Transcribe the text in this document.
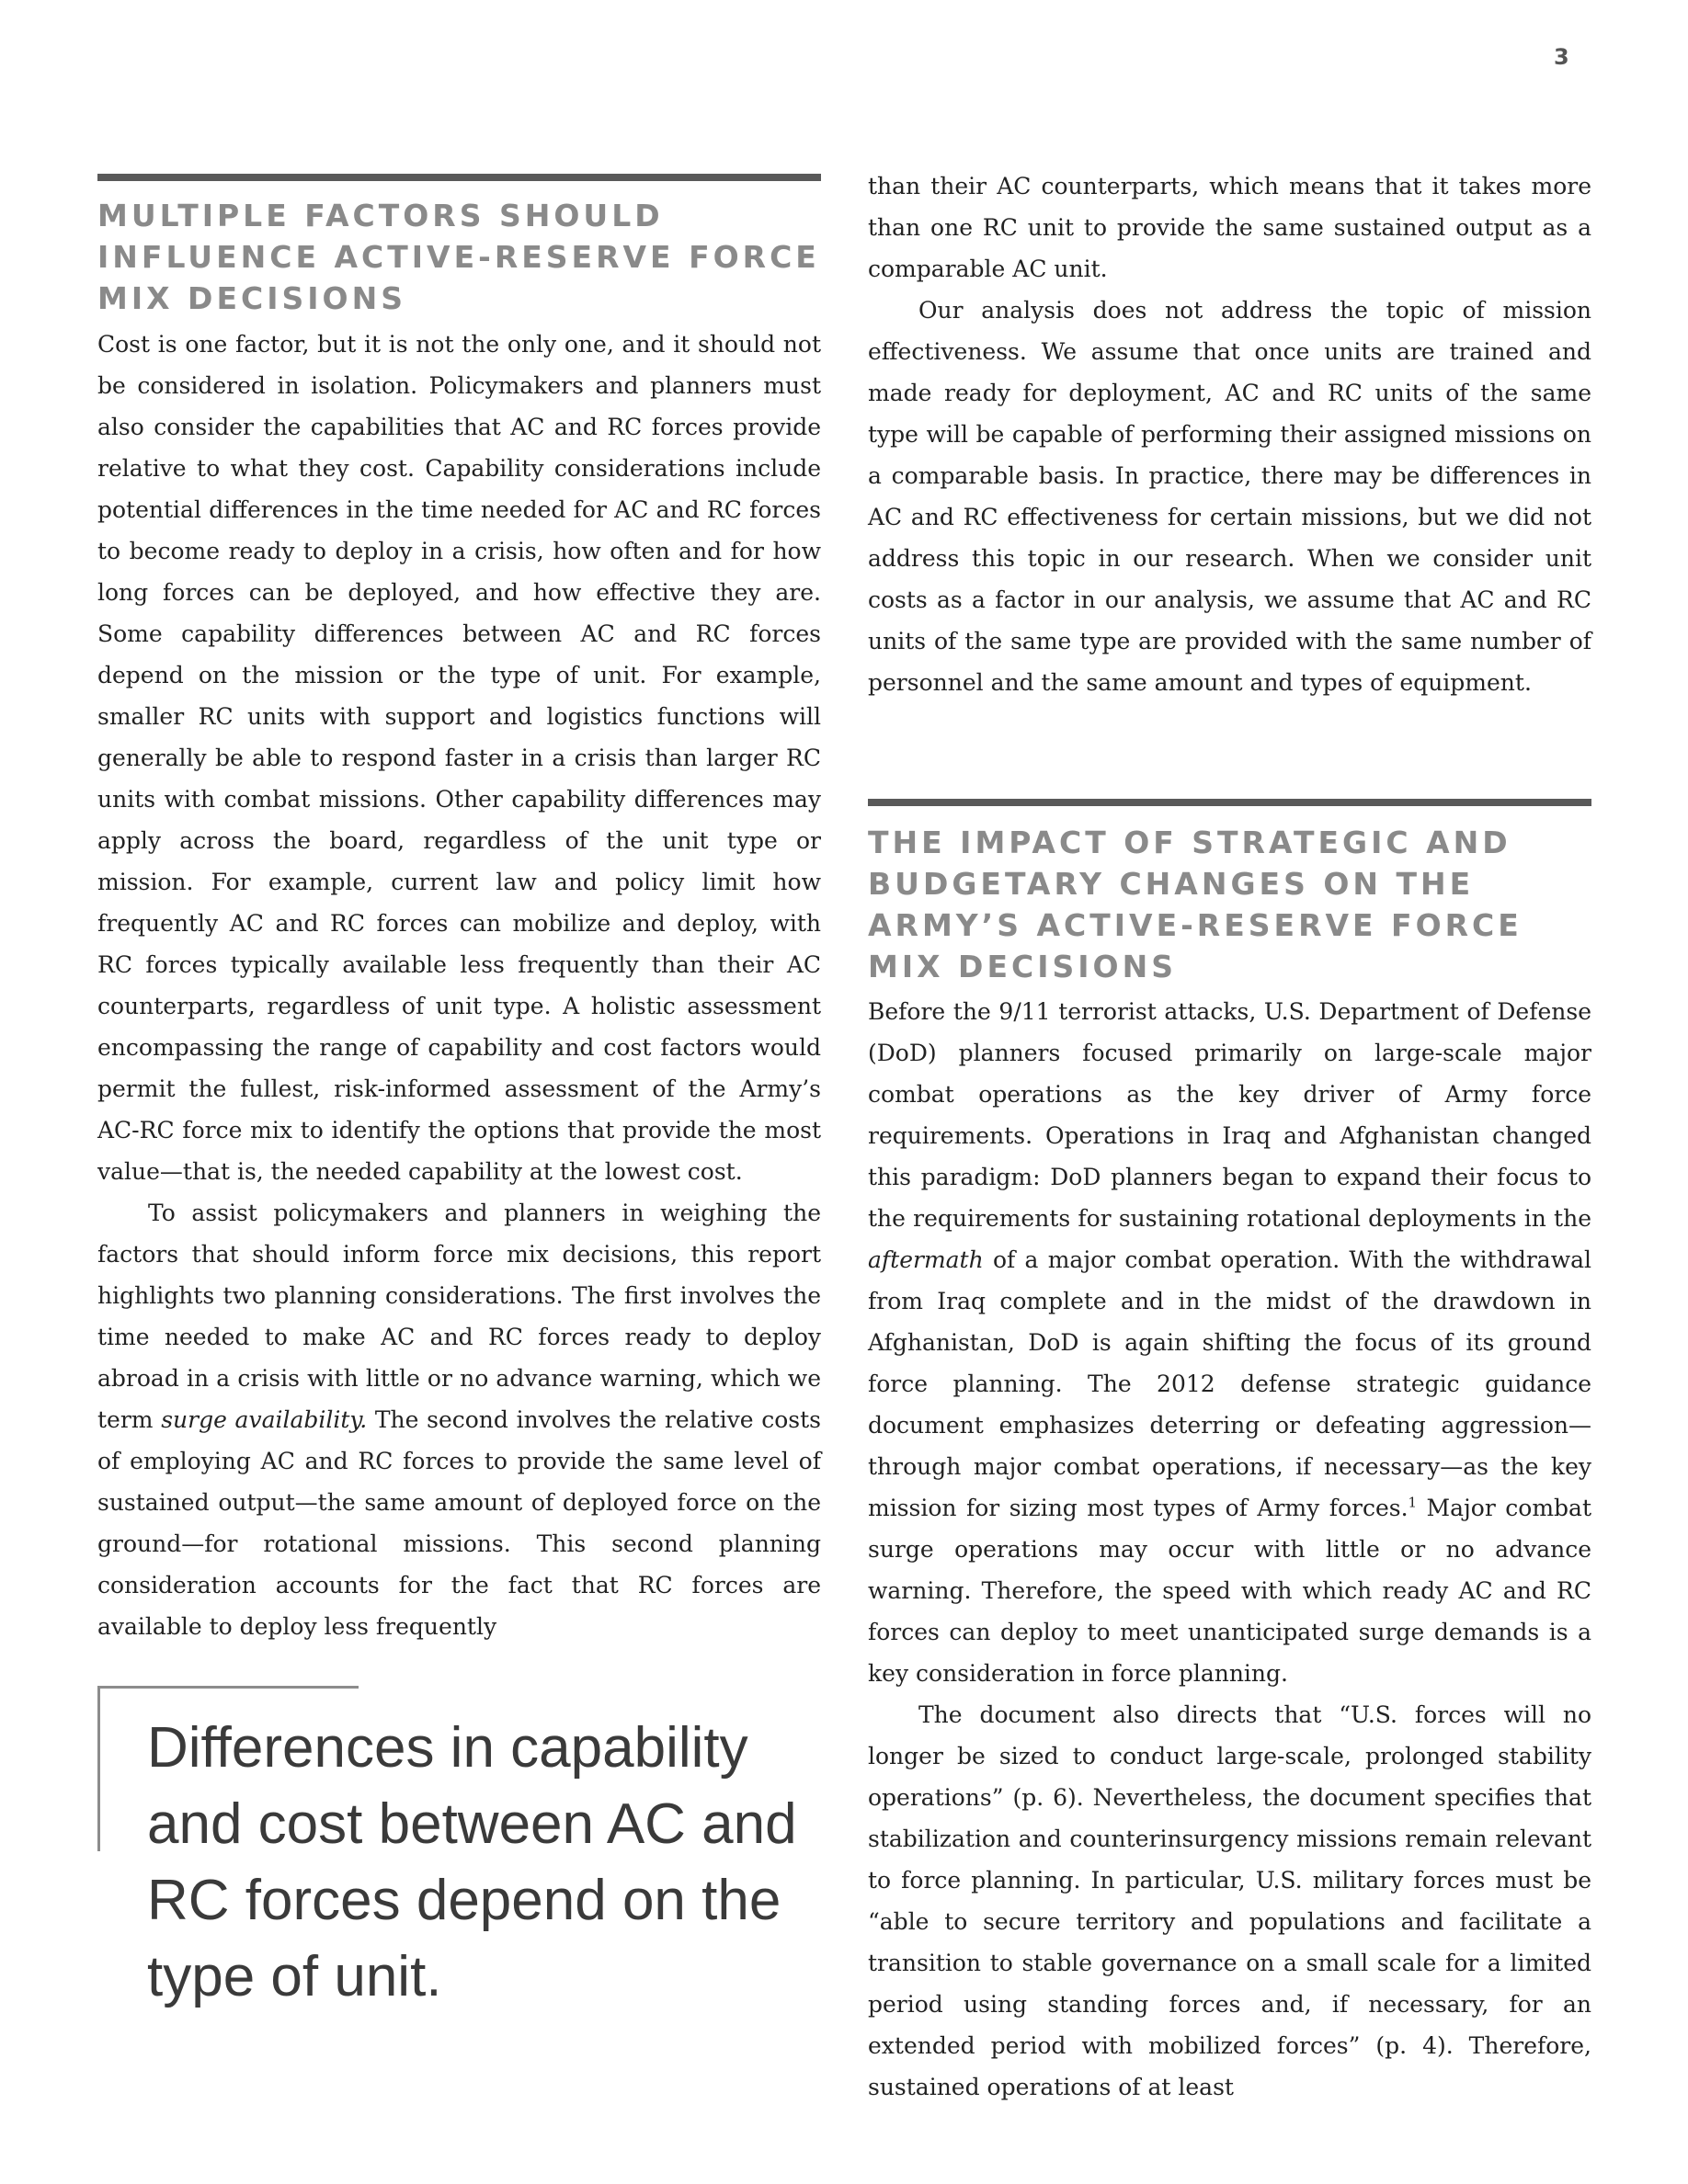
3
MULTIPLE FACTORS SHOULD INFLUENCE ACTIVE-RESERVE FORCE MIX DECISIONS

Cost is one factor, but it is not the only one, and it should not be considered in isolation. Policymakers and planners must also consider the capabilities that AC and RC forces provide relative to what they cost. Capability considerations include potential differences in the time needed for AC and RC forces to become ready to deploy in a crisis, how often and for how long forces can be deployed, and how effective they are. Some capability differences between AC and RC forces depend on the mission or the type of unit. For example, smaller RC units with support and logistics functions will generally be able to respond faster in a crisis than larger RC units with combat missions. Other capability differences may apply across the board, regardless of the unit type or mission. For example, current law and policy limit how frequently AC and RC forces can mobilize and deploy, with RC forces typically available less frequently than their AC counterparts, regardless of unit type. A holistic assessment encompassing the range of capability and cost factors would permit the fullest, risk-informed assessment of the Army’s AC-RC force mix to identify the options that provide the most value—that is, the needed capability at the lowest cost.

To assist policymakers and planners in weighing the factors that should inform force mix decisions, this report highlights two planning considerations. The first involves the time needed to make AC and RC forces ready to deploy abroad in a crisis with little or no advance warning, which we term surge availability. The second involves the relative costs of employing AC and RC forces to provide the same level of sustained output—the same amount of deployed force on the ground—for rotational missions. This second planning consideration accounts for the fact that RC forces are available to deploy less frequently

Differences in capability and cost between AC and RC forces depend on the type of unit.

than their AC counterparts, which means that it takes more than one RC unit to provide the same sustained output as a comparable AC unit.

Our analysis does not address the topic of mission effectiveness. We assume that once units are trained and made ready for deployment, AC and RC units of the same type will be capable of performing their assigned missions on a comparable basis. In practice, there may be differences in AC and RC effectiveness for certain missions, but we did not address this topic in our research. When we consider unit costs as a factor in our analysis, we assume that AC and RC units of the same type are provided with the same number of personnel and the same amount and types of equipment.

THE IMPACT OF STRATEGIC AND BUDGETARY CHANGES ON THE ARMY’S ACTIVE-RESERVE FORCE MIX DECISIONS

Before the 9/11 terrorist attacks, U.S. Department of Defense (DoD) planners focused primarily on large-scale major combat operations as the key driver of Army force requirements. Operations in Iraq and Afghanistan changed this paradigm: DoD planners began to expand their focus to the requirements for sustaining rotational deployments in the aftermath of a major combat operation. With the withdrawal from Iraq complete and in the midst of the drawdown in Afghanistan, DoD is again shifting the focus of its ground force planning. The 2012 defense strategic guidance document emphasizes deterring or defeating aggression—through major combat operations, if necessary—as the key mission for sizing most types of Army forces.$^1$ Major combat surge operations may occur with little or no advance warning. Therefore, the speed with which ready AC and RC forces can deploy to meet unanticipated surge demands is a key consideration in force planning.

The document also directs that “U.S. forces will no longer be sized to conduct large-scale, prolonged stability operations” (p. 6). Nevertheless, the document specifies that stabilization and counterinsurgency missions remain relevant to force planning. In particular, U.S. military forces must be “able to secure territory and populations and facilitate a transition to stable governance on a small scale for a limited period using standing forces and, if necessary, for an extended period with mobilized forces” (p. 4). Therefore, sustained operations of at least
